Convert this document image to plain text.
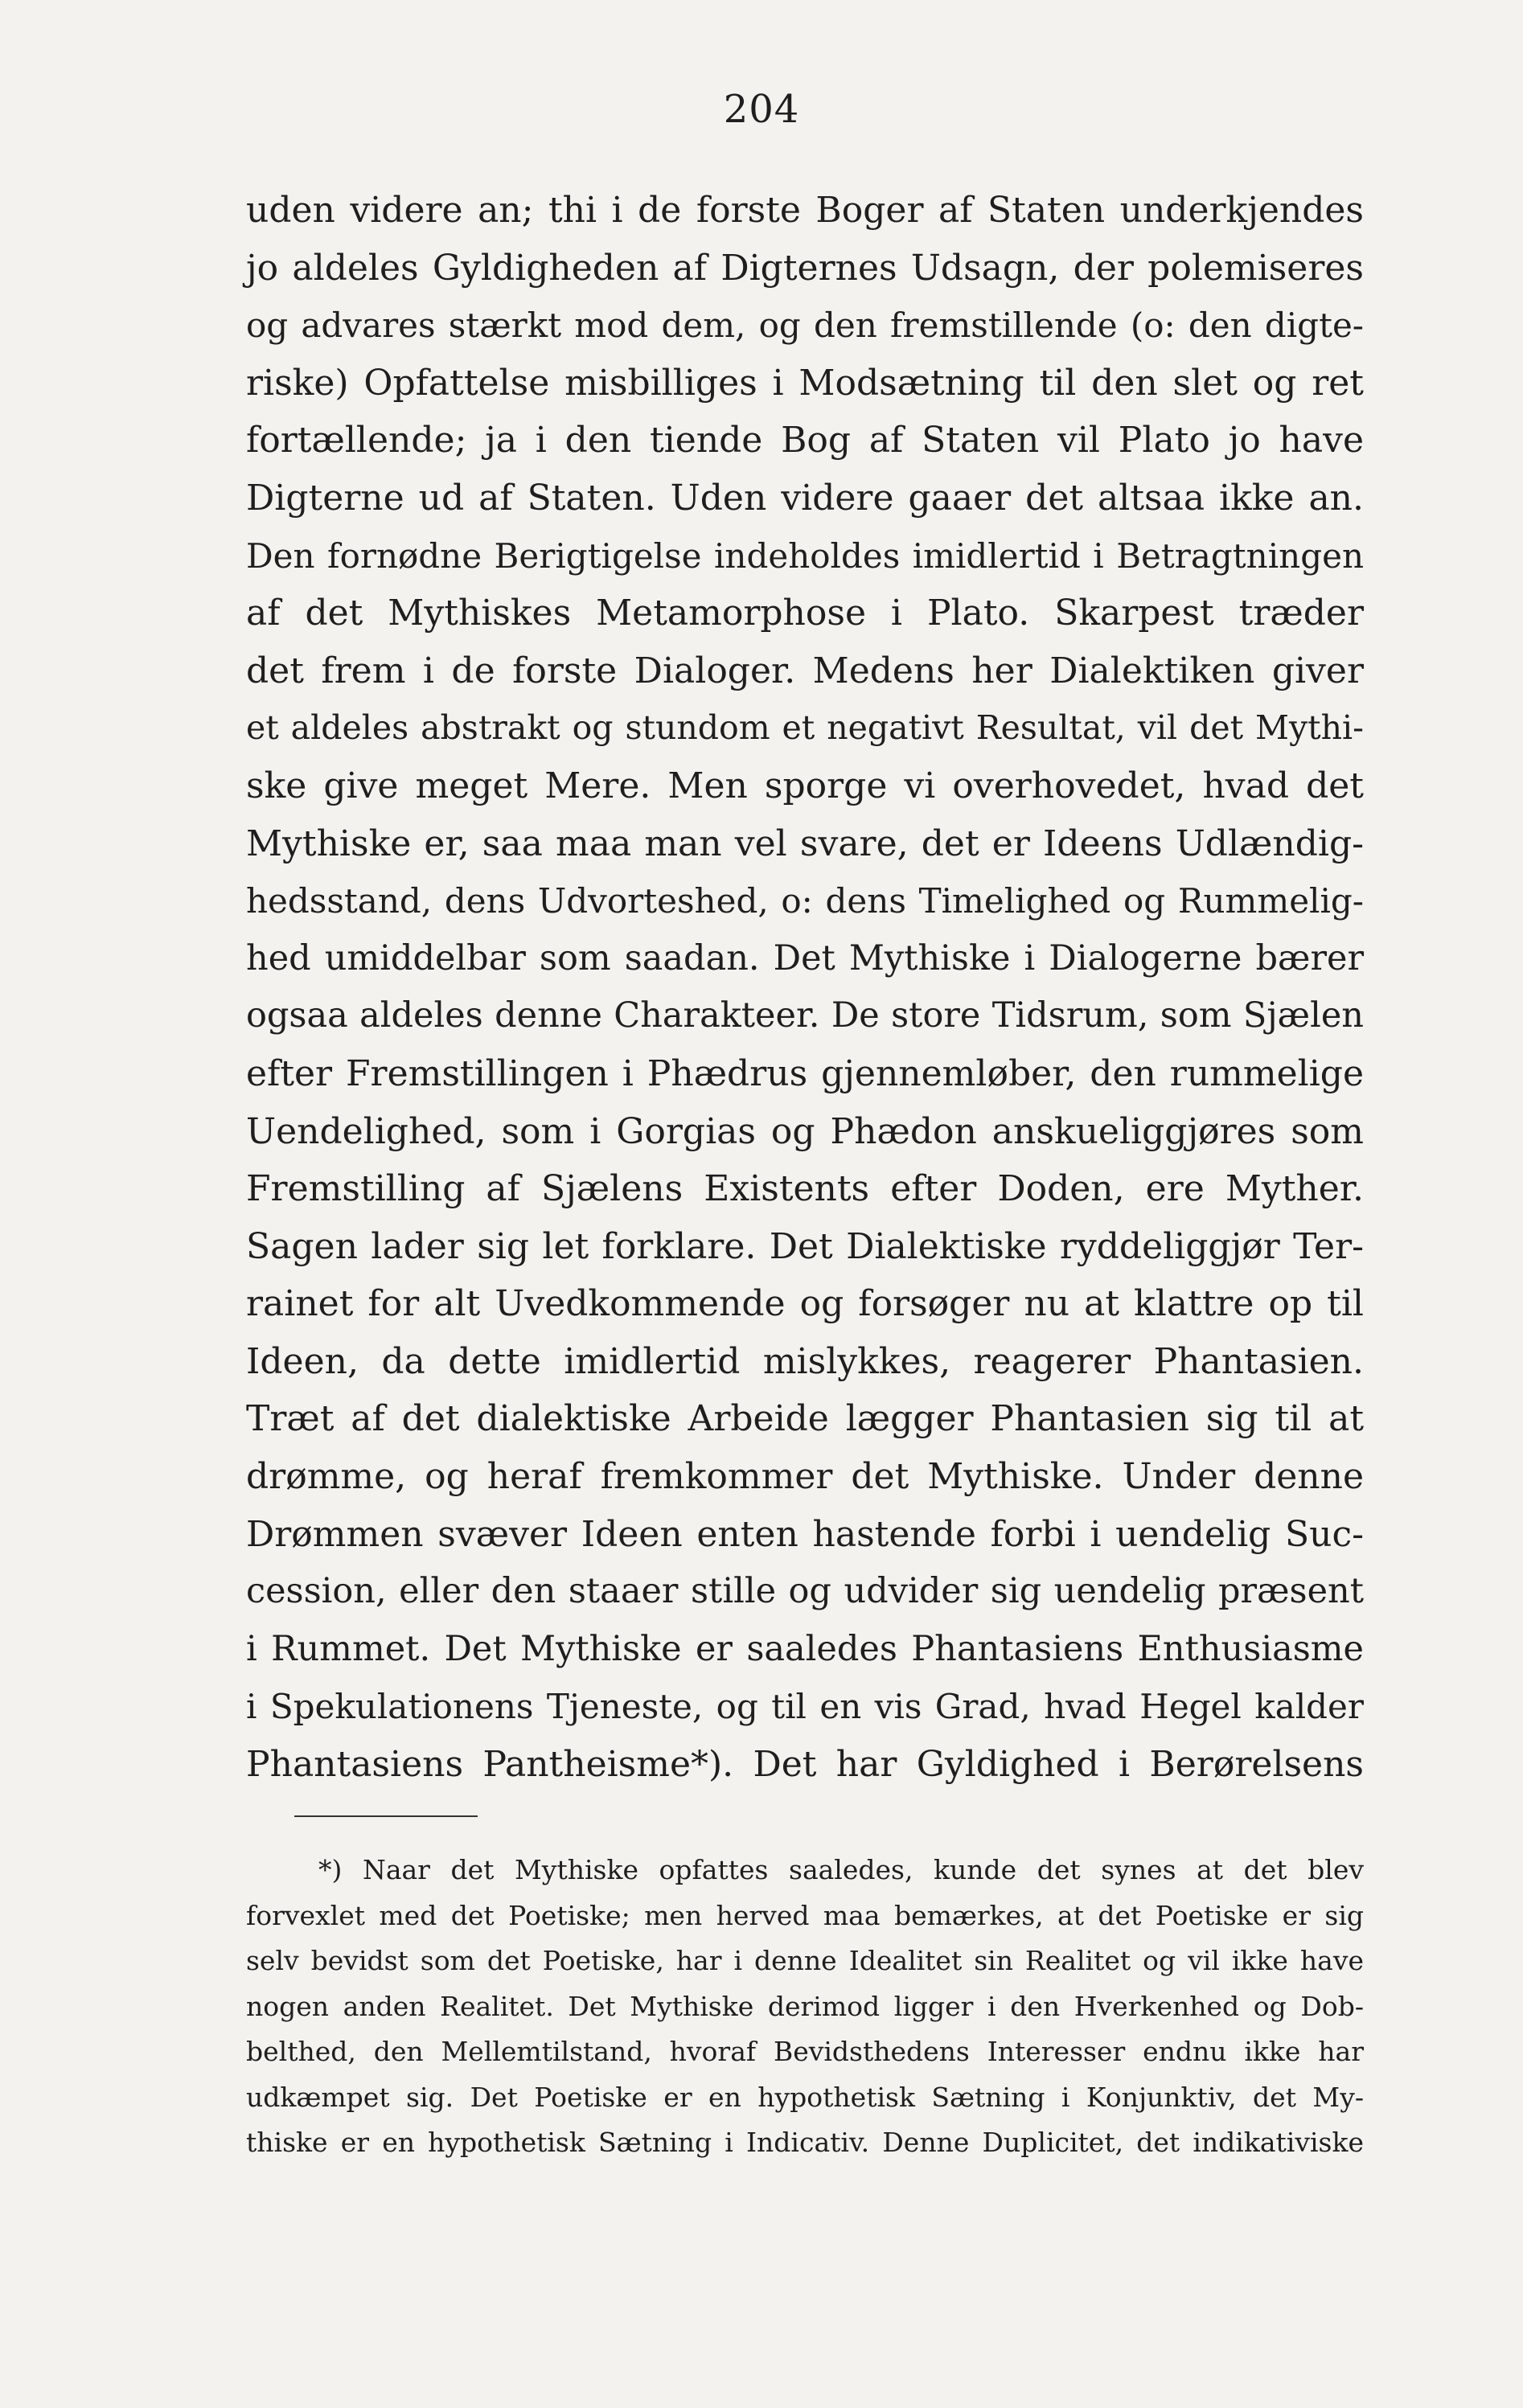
204
uden videre an; thi i de forste Boger af Staten underkjendes
jo aldeles Gyldigheden af Digternes Udsagn, der polemiseres
og advares stærkt mod dem, og den fremstillende (o: den digte-
riske) Opfattelse misbilliges i Modsætning til den slet og ret
fortællende; ja i den tiende Bog af Staten vil Plato jo have
Digterne ud af Staten. Uden videre gaaer det altsaa ikke an.
Den fornødne Berigtigelse indeholdes imidlertid i Betragtningen
af det Mythiskes Metamorphose i Plato. Skarpest træder
det frem i de forste Dialoger. Medens her Dialektiken giver
et aldeles abstrakt og stundom et negativt Resultat, vil det Mythi-
ske give meget Mere. Men sporge vi overhovedet, hvad det
Mythiske er, saa maa man vel svare, det er Ideens Udlændig-
hedsstand, dens Udvorteshed, o: dens Timelighed og Rummelig-
hed umiddelbar som saadan. Det Mythiske i Dialogerne bærer
ogsaa aldeles denne Charakteer. De store Tidsrum, som Sjælen
efter Fremstillingen i Phædrus gjennemløber, den rummelige
Uendelighed, som i Gorgias og Phædon anskueliggjøres som
Fremstilling af Sjælens Existents efter Doden, ere Myther.
Sagen lader sig let forklare. Det Dialektiske ryddeliggjør Ter-
rainet for alt Uvedkommende og forsøger nu at klattre op til
Ideen, da dette imidlertid mislykkes, reagerer Phantasien.
Træt af det dialektiske Arbeide lægger Phantasien sig til at
drømme, og heraf fremkommer det Mythiske. Under denne
Drømmen svæver Ideen enten hastende forbi i uendelig Suc-
cession, eller den staaer stille og udvider sig uendelig præsent
i Rummet. Det Mythiske er saaledes Phantasiens Enthusiasme
i Spekulationens Tjeneste, og til en vis Grad, hvad Hegel kalder
Phantasiens Pantheisme*). Det har Gyldighed i Berørelsens
*) Naar det Mythiske opfattes saaledes, kunde det synes at det blev
forvexlet med det Poetiske; men herved maa bemærkes, at det Poetiske er sig
selv bevidst som det Poetiske, har i denne Idealitet sin Realitet og vil ikke have
nogen anden Realitet. Det Mythiske derimod ligger i den Hverkenhed og Dob-
belthed, den Mellemtilstand, hvoraf Bevidsthedens Interesser endnu ikke har
udkæmpet sig. Det Poetiske er en hypothetisk Sætning i Konjunktiv, det My-
thiske er en hypothetisk Sætning i Indicativ. Denne Duplicitet, det indikativiske
